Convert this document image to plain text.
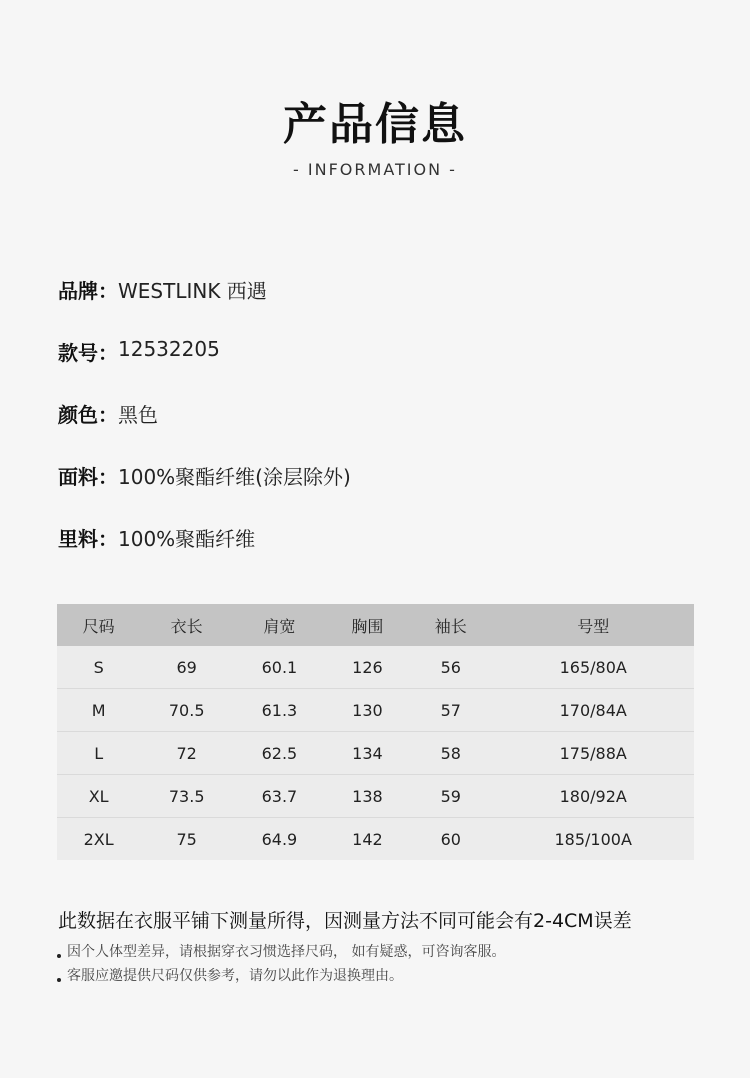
产品信息
- INFORMATION -
品牌： WESTLINK 西遇
款号： 12532205
颜色： 黑色
面料： 100%聚酯纤维(涂层除外)
里料： 100%聚酯纤维
尺码	衣长	肩宽	胸围	袖长	号型
S	69	60.1	126	56	165/80A
M	70.5	61.3	130	57	170/84A
L	72	62.5	134	58	175/88A
XL	73.5	63.7	138	59	180/92A
2XL	75	64.9	142	60	185/100A
此数据在衣服平铺下测量所得，因测量方法不同可能会有2-4CM误差
因个人体型差异，请根据穿衣习惯选择尺码， 如有疑惑，可咨询客服。
客服应邀提供尺码仅供参考，请勿以此作为退换理由。
